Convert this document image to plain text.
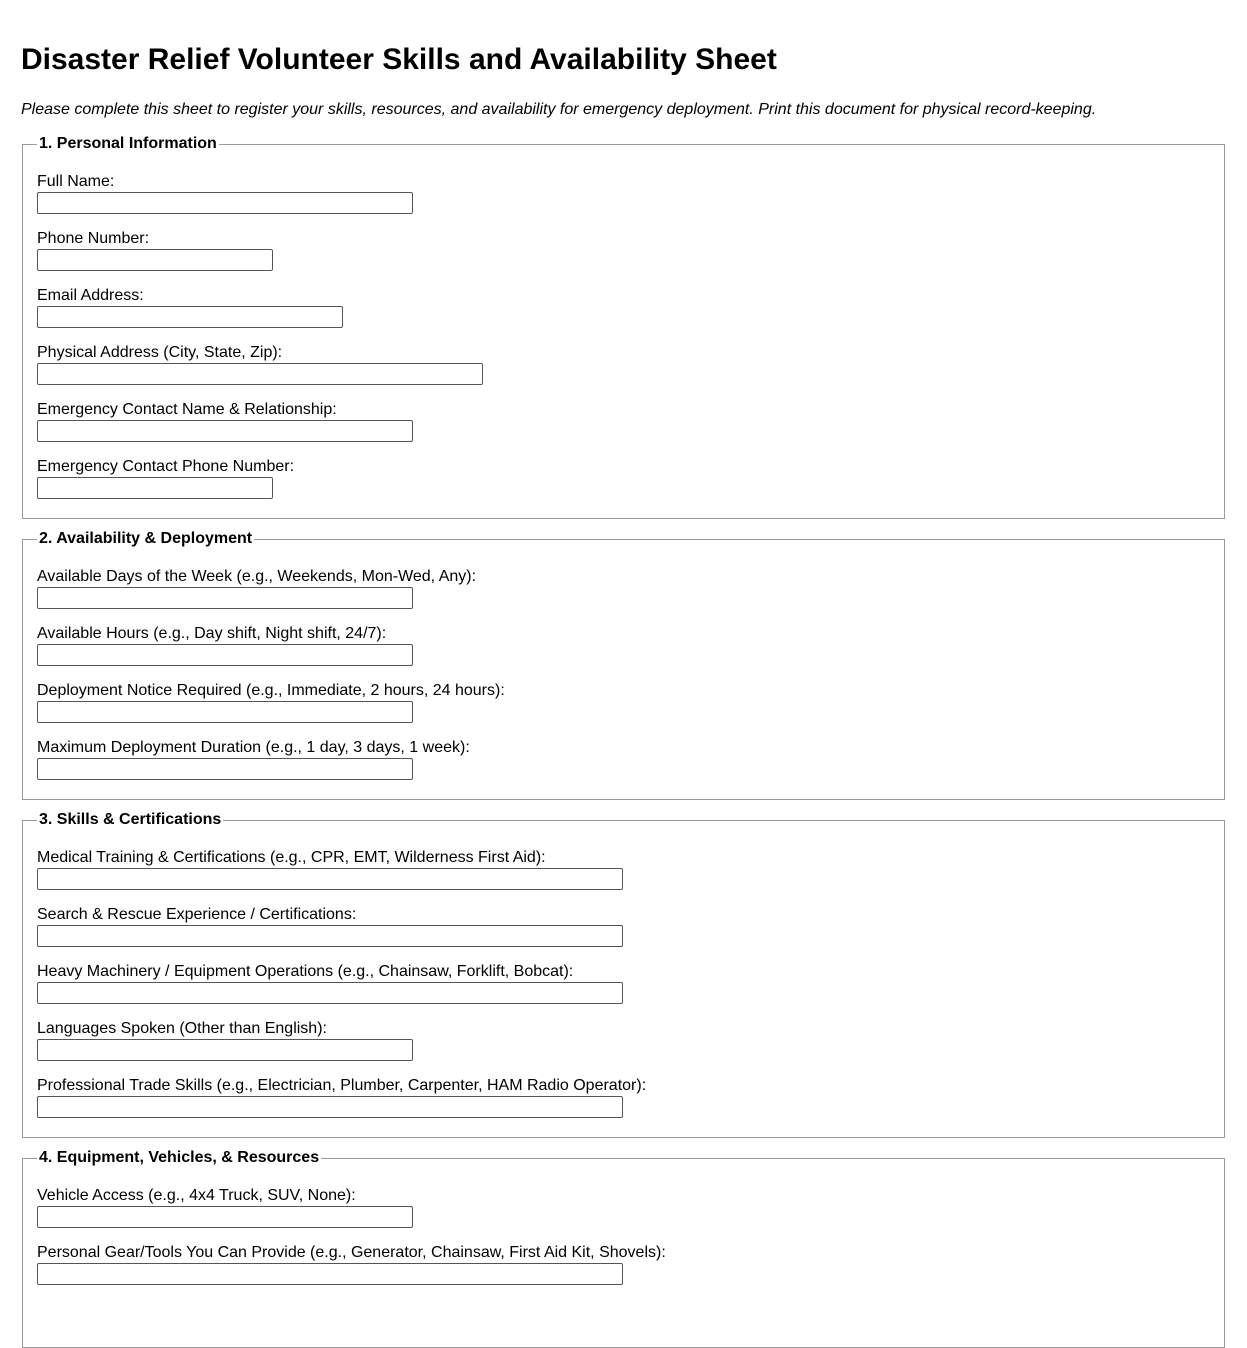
Disaster Relief Volunteer Skills and Availability Sheet

Please complete this sheet to register your skills, resources, and availability for emergency deployment. Print this document for physical record-keeping.

1. Personal Information
Full Name:
Phone Number:
Email Address:
Physical Address (City, State, Zip):
Emergency Contact Name & Relationship:
Emergency Contact Phone Number:
2. Availability & Deployment
Available Days of the Week (e.g., Weekends, Mon-Wed, Any):
Available Hours (e.g., Day shift, Night shift, 24/7):
Deployment Notice Required (e.g., Immediate, 2 hours, 24 hours):
Maximum Deployment Duration (e.g., 1 day, 3 days, 1 week):
3. Skills & Certifications
Medical Training & Certifications (e.g., CPR, EMT, Wilderness First Aid):
Search & Rescue Experience / Certifications:
Heavy Machinery / Equipment Operations (e.g., Chainsaw, Forklift, Bobcat):
Languages Spoken (Other than English):
Professional Trade Skills (e.g., Electrician, Plumber, Carpenter, HAM Radio Operator):
4. Equipment, Vehicles, & Resources
Vehicle Access (e.g., 4x4 Truck, SUV, None):
Personal Gear/Tools You Can Provide (e.g., Generator, Chainsaw, First Aid Kit, Shovels):
